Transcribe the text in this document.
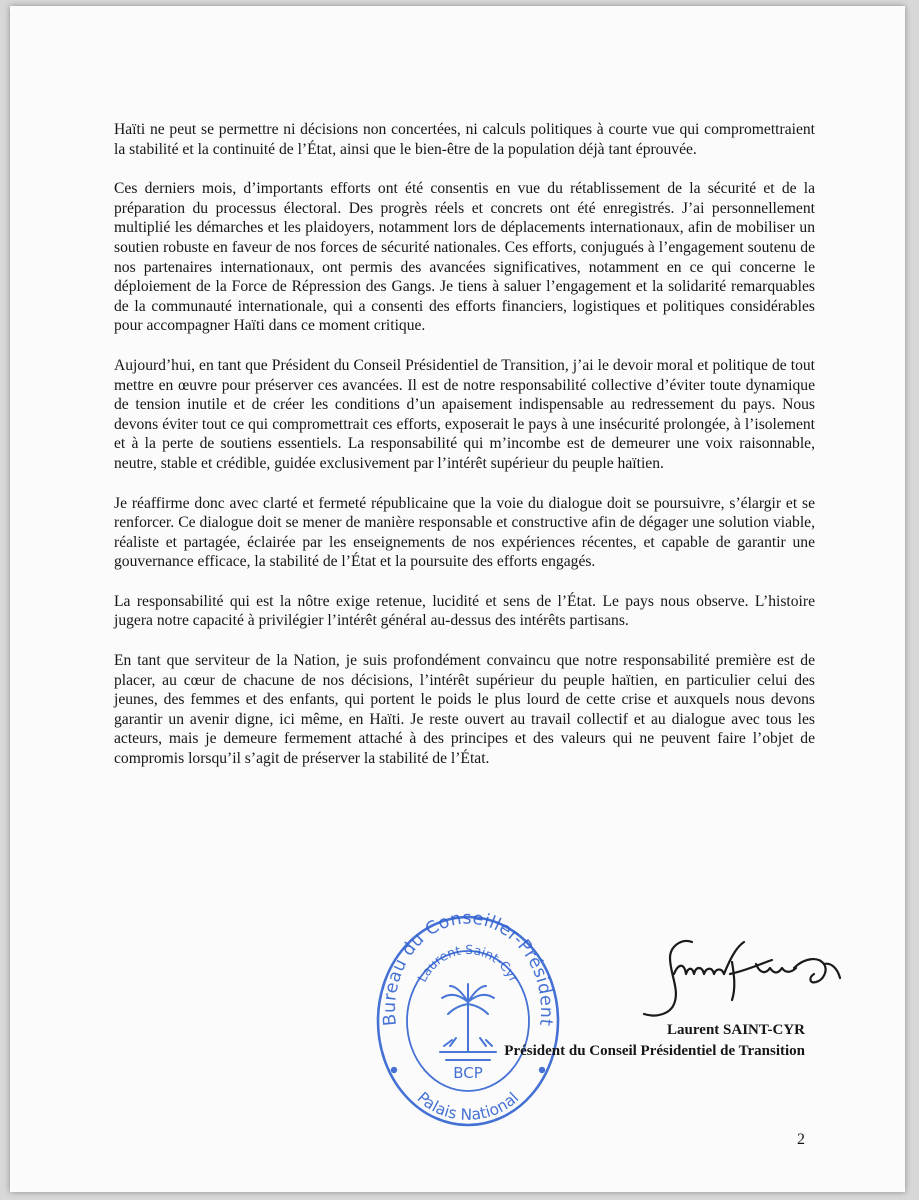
Haïti ne peut se permettre ni décisions non concertées, ni calculs politiques à courte vue qui compromettraient la stabilité et la continuité de l’État, ainsi que le bien-être de la population déjà tant éprouvée.

Ces derniers mois, d’importants efforts ont été consentis en vue du rétablissement de la sécurité et de la préparation du processus électoral. Des progrès réels et concrets ont été enregistrés. J’ai personnellement multiplié les démarches et les plaidoyers, notamment lors de déplacements internationaux, afin de mobiliser un soutien robuste en faveur de nos forces de sécurité nationales. Ces efforts, conjugués à l’engagement soutenu de nos partenaires internationaux, ont permis des avancées significatives, notamment en ce qui concerne le déploiement de la Force de Répression des Gangs. Je tiens à saluer l’engagement et la solidarité remarquables de la communauté internationale, qui a consenti des efforts financiers, logistiques et politiques considérables pour accompagner Haïti dans ce moment critique.

Aujourd’hui, en tant que Président du Conseil Présidentiel de Transition, j’ai le devoir moral et politique de tout mettre en œuvre pour préserver ces avancées. Il est de notre responsabilité collective d’éviter toute dynamique de tension inutile et de créer les conditions d’un apaisement indispensable au redressement du pays. Nous devons éviter tout ce qui compromettrait ces efforts, exposerait le pays à une insécurité prolongée, à l’isolement et à la perte de soutiens essentiels. La responsabilité qui m’incombe est de demeurer une voix raisonnable, neutre, stable et crédible, guidée exclusivement par l’intérêt supérieur du peuple haïtien.

Je réaffirme donc avec clarté et fermeté républicaine que la voie du dialogue doit se poursuivre, s’élargir et se renforcer. Ce dialogue doit se mener de manière responsable et constructive afin de dégager une solution viable, réaliste et partagée, éclairée par les enseignements de nos expériences récentes, et capable de garantir une gouvernance efficace, la stabilité de l’État et la poursuite des efforts engagés.

La responsabilité qui est la nôtre exige retenue, lucidité et sens de l’État. Le pays nous observe. L’histoire jugera notre capacité à privilégier l’intérêt général au-dessus des intérêts partisans.

En tant que serviteur de la Nation, je suis profondément convaincu que notre responsabilité première est de placer, au cœur de chacune de nos décisions, l’intérêt supérieur du peuple haïtien, en particulier celui des jeunes, des femmes et des enfants, qui portent le poids le plus lourd de cette crise et auxquels nous devons garantir un avenir digne, ici même, en Haïti. Je reste ouvert au travail collectif et au dialogue avec tous les acteurs, mais je demeure fermement attaché à des principes et des valeurs qui ne peuvent faire l’objet de compromis lorsqu’il s’agit de préserver la stabilité de l’État.

Bureau du Conseiller-Président
Laurent Saint-Cyr
Palais National
BCP
Laurent SAINT-CYR
Président du Conseil Présidentiel de Transition
2
